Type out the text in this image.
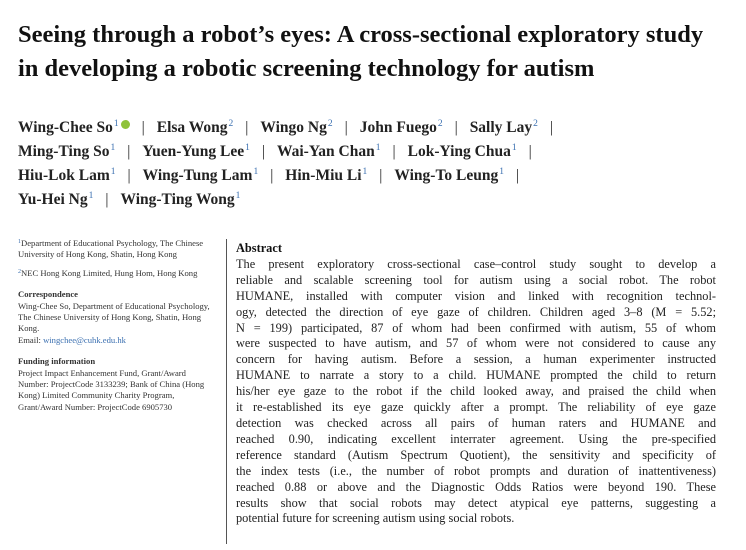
Seeing through a robot’s eyes: A cross-sectional exploratory study
in developing a robotic screening technology for autism
Wing-Chee So$^1$ | Elsa Wong$^2$ | Wingo Ng$^2$ | John Fuego$^2$ | Sally Lay$^2$ |
Ming-Ting So$^1$ | Yuen-Yung Lee$^1$ | Wai-Yan Chan$^1$ | Lok-Ying Chua$^1$ |
Hiu-Lok Lam$^1$ | Wing-Tung Lam$^1$ | Hin-Miu Li$^1$ | Wing-To Leung$^1$ |
Yu-Hei Ng$^1$ | Wing-Ting Wong$^1$

$^1$Department of Educational Psychology, The Chinese University of Hong Kong, Shatin, Hong Kong

$^2$NEC Hong Kong Limited, Hung Hom, Hong Kong

Correspondence

Wing-Chee So, Department of Educational Psychology, The Chinese University of Hong Kong, Shatin, Hong Kong.

Email: wingchee@cuhk.edu.hk

Funding information

Project Impact Enhancement Fund, Grant/Award Number: ProjectCode 3133239; Bank of China (Hong Kong) Limited Community Charity Program, Grant/Award Number: ProjectCode 6905730

Abstract
The present exploratory cross-sectional case–control study sought to develop a
reliable and scalable screening tool for autism using a social robot. The robot
HUMANE, installed with computer vision and linked with recognition technol-
ogy, detected the direction of eye gaze of children. Children aged 3–8 (M = 5.52;
N = 199) participated, 87 of whom had been confirmed with autism, 55 of whom
were suspected to have autism, and 57 of whom were not considered to cause any
concern for having autism. Before a session, a human experimenter instructed
HUMANE to narrate a story to a child. HUMANE prompted the child to return
his/her eye gaze to the robot if the child looked away, and praised the child when
it re-established its eye gaze quickly after a prompt. The reliability of eye gaze
detection was checked across all pairs of human raters and HUMANE and
reached 0.90, indicating excellent interrater agreement. Using the pre-specified
reference standard (Autism Spectrum Quotient), the sensitivity and specificity of
the index tests (i.e., the number of robot prompts and duration of inattentiveness)
reached 0.88 or above and the Diagnostic Odds Ratios were beyond 190. These
results show that social robots may detect atypical eye patterns, suggesting a
potential future for screening autism using social robots.
